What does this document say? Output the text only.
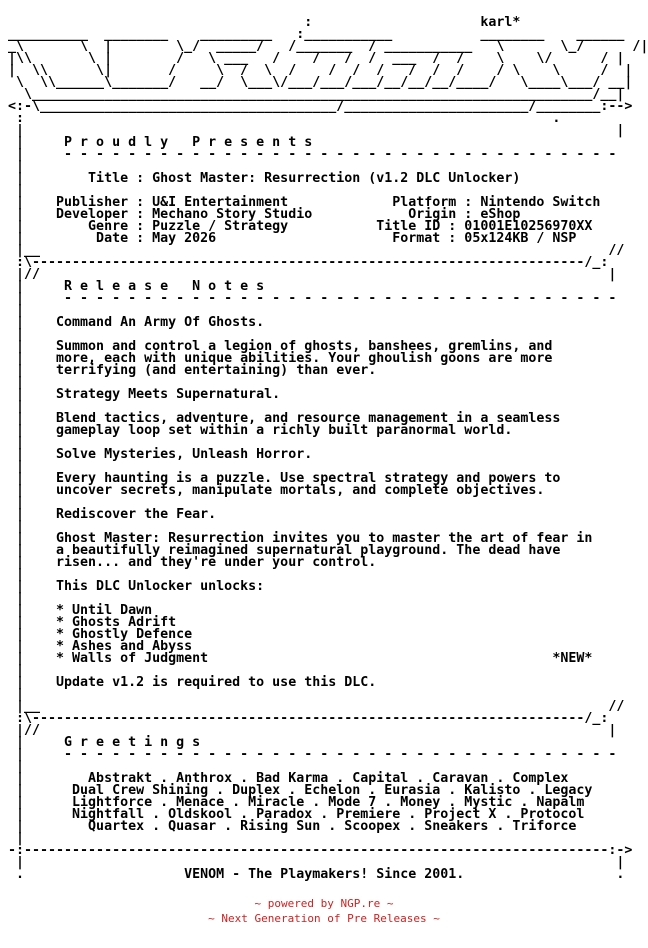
:                     karl*
__________  ________    _________   :___________           ________    ______
_\       \  |        \_/  _____/   /_______  / ___________   \       \_/      /|
|\\       \ |        /   \ ___   /    /   /  /  ___  /  /    \    \/      / |
|  \\      \|       /     \  /  \  /    /  /  /   /  /  /    / \    \     /  |
\  \\______\_______/   __/  \___\/___/___/___/__/__/__/____/   \____\___/ __|
\______________________________________________________________________/__|
<:-\_____________________________________/_______________________/________:-->
:                                                                  .
|                                                                          |
|     P r o u d l y   P r e s e n t s
|     - - - - - - - - - - - - - - - - - - - - - - - - - - - - - - - - - - -
|
|        Title : Ghost Master: Resurrection (v1.2 DLC Unlocker)
|
|    Publisher : U&I Entertainment             Platform : Nintendo Switch
|    Developer : Mechano Story Studio            Origin : eShop
|        Genre : Puzzle / Strategy           Title ID : 01001E10256970XX
|         Date : May 2026                      Format : 05x124KB / NSP
|__                                                                       //
:\---------------------------------------------------------------------/_:
|//                                                                       |
|     R e l e a s e   N o t e s
|     - - - - - - - - - - - - - - - - - - - - - - - - - - - - - - - - - - -
|
|    Command An Army Of Ghosts.
|
|    Summon and control a legion of ghosts, banshees, gremlins, and
|    more, each with unique abilities. Your ghoulish goons are more
|    terrifying (and entertaining) than ever.
|
|    Strategy Meets Supernatural.
|
|    Blend tactics, adventure, and resource management in a seamless
|    gameplay loop set within a richly built paranormal world.
|
|    Solve Mysteries, Unleash Horror.
|
|    Every haunting is a puzzle. Use spectral strategy and powers to
|    uncover secrets, manipulate mortals, and complete objectives.
|
|    Rediscover the Fear.
|
|    Ghost Master: Resurrection invites you to master the art of fear in
|    a beautifully reimagined supernatural playground. The dead have
|    risen... and they're under your control.
|
|    This DLC Unlocker unlocks:
|
|    * Until Dawn
|    * Ghosts Adrift
|    * Ghostly Defence
|    * Ashes and Abyss
|    * Walls of Judgment                                           *NEW*
|
|    Update v1.2 is required to use this DLC.
|
|__                                                                       //
:\---------------------------------------------------------------------/_:
|//                                                                       |
|     G r e e t i n g s
|     - - - - - - - - - - - - - - - - - - - - - - - - - - - - - - - - - - -
|
|        Abstrakt . Anthrox . Bad Karma . Capital . Caravan . Complex
|      Dual Crew Shining . Duplex . Echelon . Eurasia . Kalisto . Legacy
|      Lightforce . Menace . Miracle . Mode 7 . Money . Mystic . Napalm
|      Nightfall . Oldskool . Paradox . Premiere . Project X . Protocol
|        Quartex . Quasar . Rising Sun . Scoopex . Sneakers . Triforce
|
-:-------------------------------------------------------------------------:->
|                                                                          |
.                    VENOM - The Playmakers! Since 2001.                   .

~ powered by NGP.re ~
~ Next Generation of Pre Releases ~
